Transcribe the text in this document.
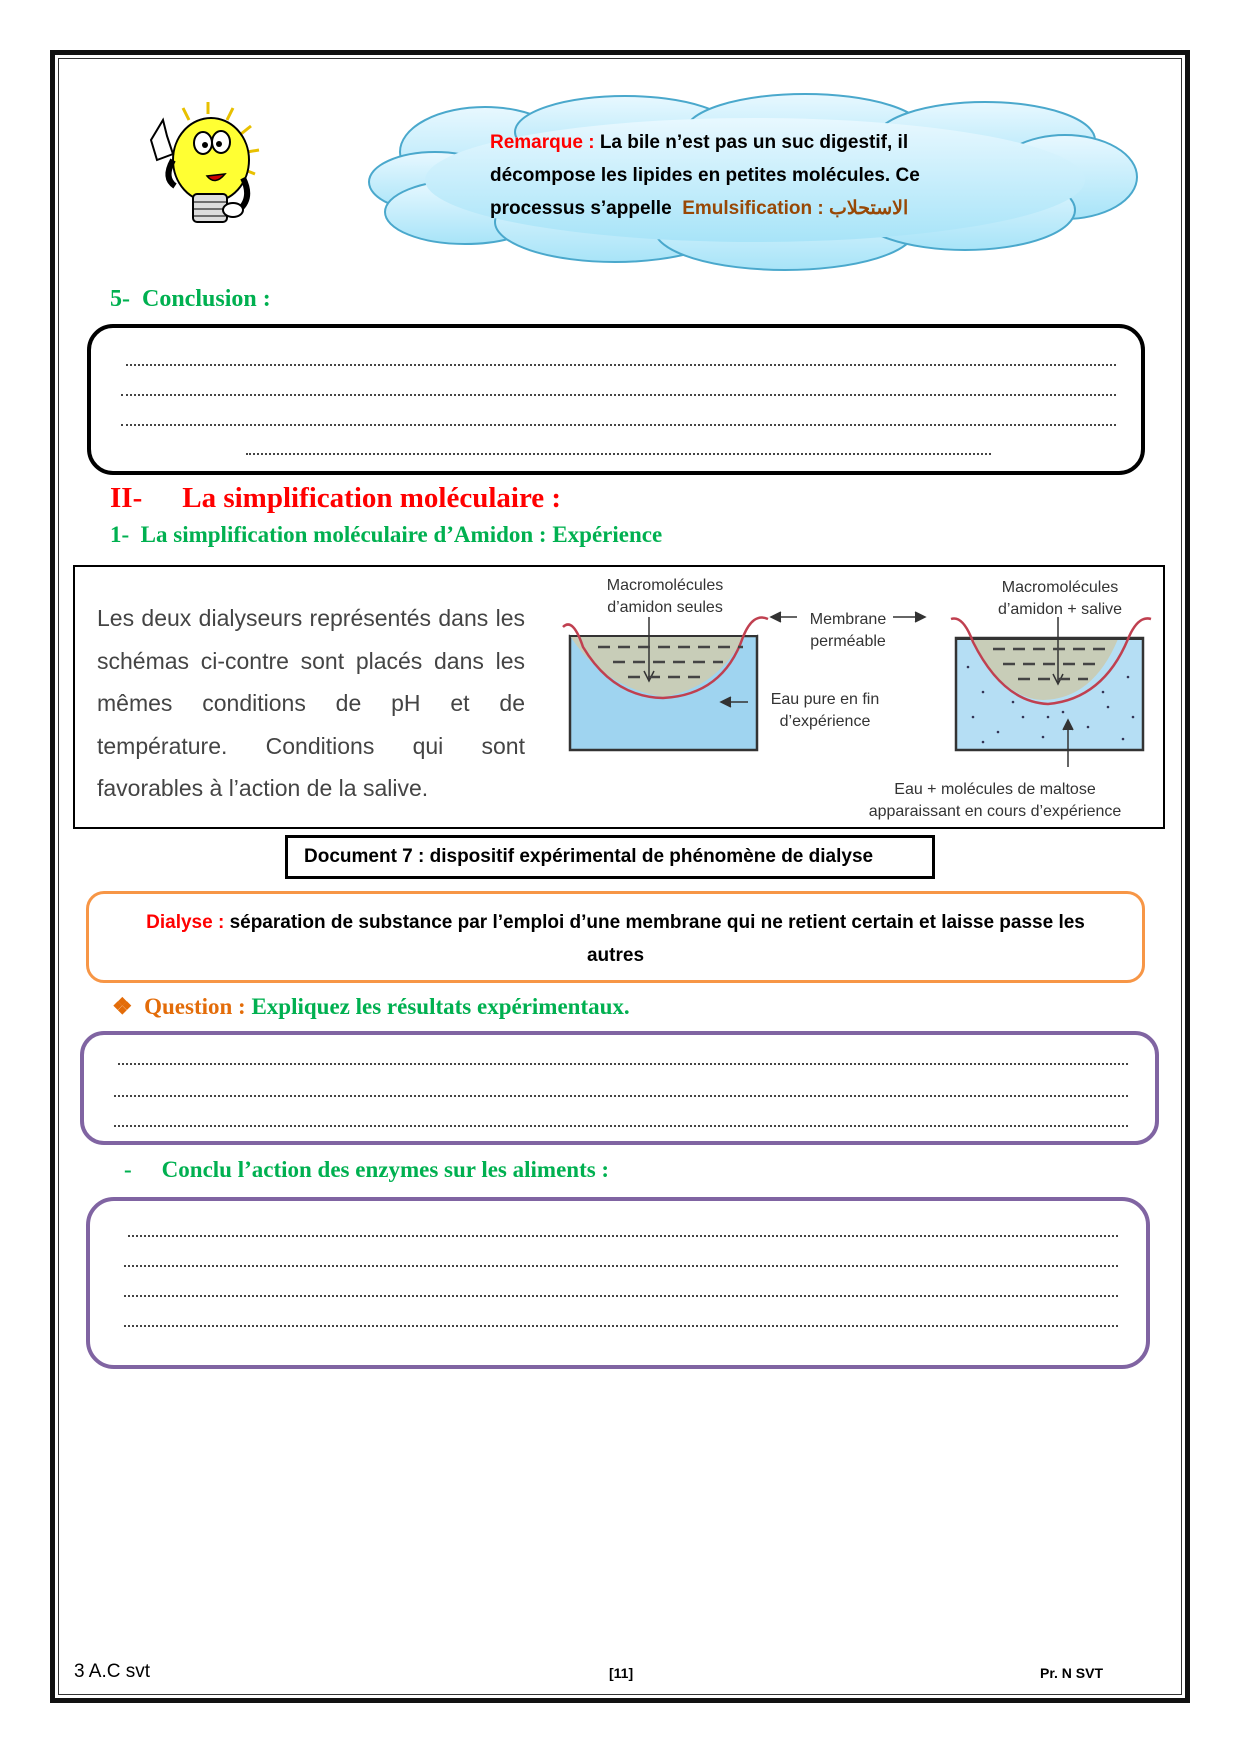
Remarque : La bile n’est pas un suc digestif, il
décompose les lipides en petites molécules. Ce
processus s’appelle Emulsification : الاستحلاب
5- Conclusion :
II- La simplification moléculaire :
1- La simplification moléculaire d’Amidon : Expérience
Les deux dialyseurs représentés dans les schémas ci-contre sont placés dans les mêmes conditions de pH et de température. Conditions qui sont favorables à l’action de la salive.
Macromolécules
d’amidon seules
Membrane
perméable
Macromolécules
d’amidon + salive
Eau pure en fin
d’expérience
Eau + molécules de maltose
apparaissant en cours d’expérience
Document 7 : dispositif expérimental de phénomène de dialyse
Dialyse : séparation de substance par l’emploi d’une membrane qui ne retient certain et laisse passe les
autres
❖ Question : Expliquez les résultats expérimentaux.
- Conclu l’action des enzymes sur les aliments :
3 A.C svt	[11]	Pr. N SVT
